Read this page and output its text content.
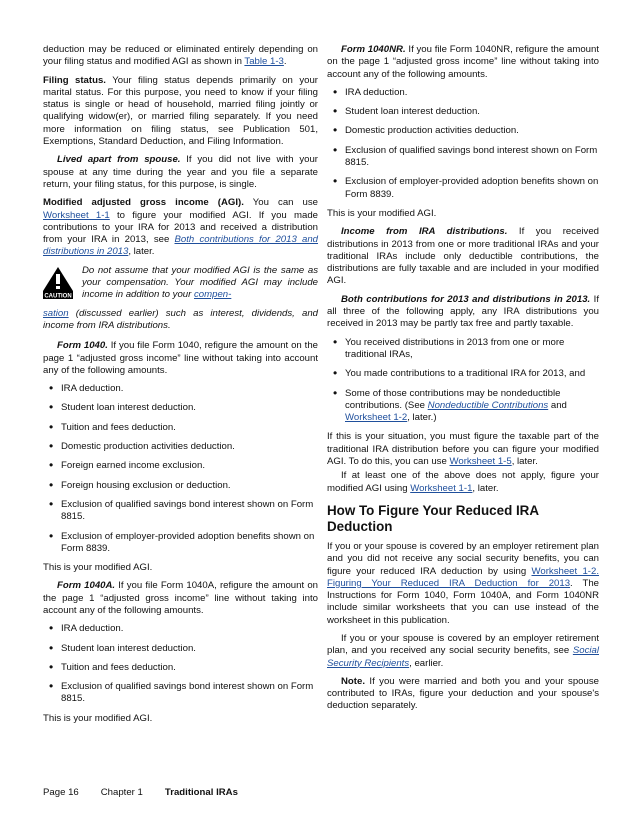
deduction may be reduced or eliminated entirely depending on your filing status and modified AGI as shown in Table 1-3.

Filing status. Your filing status depends primarily on your marital status. For this purpose, you need to know if your filing status is single or head of household, married filing jointly or qualifying widow(er), or married filing separately. If you need more information on filing status, see Publication 501, Exemptions, Standard Deduction, and Filing Information.

Lived apart from spouse. If you did not live with your spouse at any time during the year and you file a separate return, your filing status, for this purpose, is single.

Modified adjusted gross income (AGI). You can use Worksheet 1-1 to figure your modified AGI. If you made contributions to your IRA for 2013 and received a distribution from your IRA in 2013, see Both contributions for 2013 and distributions in 2013, later.

CAUTION
Do not assume that your modified AGI is the same as your compensation. Your modified AGI may include income in addition to your compen-

sation (discussed earlier) such as interest, dividends, and income from IRA distributions.

Form 1040. If you file Form 1040, refigure the amount on the page 1 “adjusted gross income” line without taking into account any of the following amounts.

• IRA deduction.
• Student loan interest deduction.
• Tuition and fees deduction.
• Domestic production activities deduction.
• Foreign earned income exclusion.
• Foreign housing exclusion or deduction.
• Exclusion of qualified savings bond interest shown on Form 8815.
• Exclusion of employer-provided adoption benefits shown on Form 8839.

This is your modified AGI.

Form 1040A. If you file Form 1040A, refigure the amount on the page 1 “adjusted gross income” line without taking into account any of the following amounts.

• IRA deduction.
• Student loan interest deduction.
• Tuition and fees deduction.
• Exclusion of qualified savings bond interest shown on Form 8815.

This is your modified AGI.

Form 1040NR. If you file Form 1040NR, refigure the amount on the page 1 “adjusted gross income” line without taking into account any of the following amounts.

• IRA deduction.
• Student loan interest deduction.
• Domestic production activities deduction.
• Exclusion of qualified savings bond interest shown on Form 8815.
• Exclusion of employer-provided adoption benefits shown on Form 8839.

This is your modified AGI.

Income from IRA distributions. If you received distributions in 2013 from one or more traditional IRAs and your traditional IRAs include only deductible contributions, the distributions are fully taxable and are included in your modified AGI.

Both contributions for 2013 and distributions in 2013. If all three of the following apply, any IRA distributions you received in 2013 may be partly tax free and partly taxable.

• You received distributions in 2013 from one or more traditional IRAs,
• You made contributions to a traditional IRA for 2013, and
• Some of those contributions may be nondeductible contributions. (See Nondeductible Contributions and Worksheet 1-2, later.)

If this is your situation, you must figure the taxable part of the traditional IRA distribution before you can figure your modified AGI. To do this, you can use Worksheet 1-5, later.

If at least one of the above does not apply, figure your modified AGI using Worksheet 1-1, later.

How To Figure Your Reduced IRA Deduction

If you or your spouse is covered by an employer retirement plan and you did not receive any social security benefits, you can figure your reduced IRA deduction by using Worksheet 1-2. Figuring Your Reduced IRA Deduction for 2013. The Instructions for Form 1040, Form 1040A, and Form 1040NR include similar worksheets that you can use instead of the worksheet in this publication.

If you or your spouse is covered by an employer retirement plan, and you received any social security benefits, see Social Security Recipients, earlier.

Note. If you were married and both you and your spouse contributed to IRAs, figure your deduction and your spouse's deduction separately.

Page 16 Chapter 1 Traditional IRAs
